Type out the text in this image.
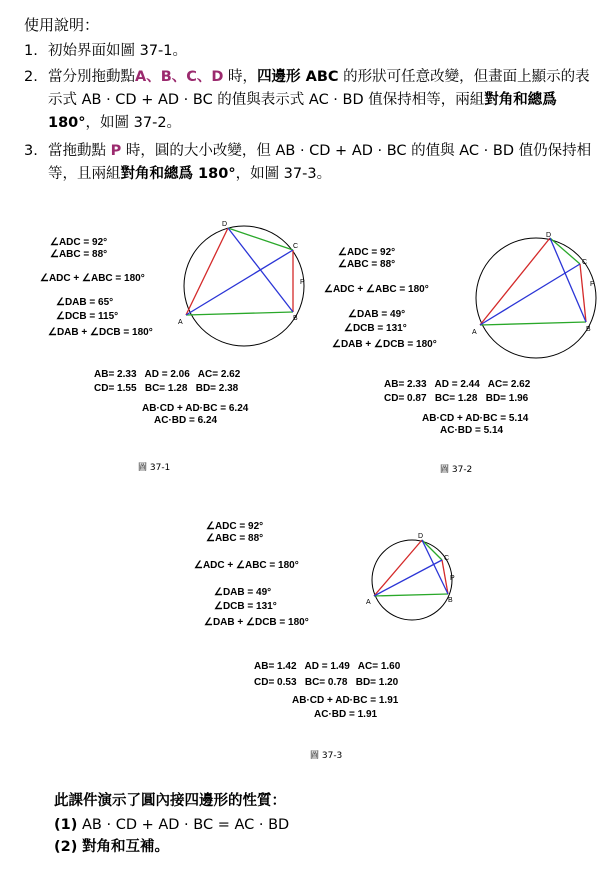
使用說明：
1. 初始界面如圖 37-1。
2. 當分別拖動點A、B、C、D 時，四邊形 ABC 的形狀可任意改變，但畫面上顯示的表示式 AB · CD + AD · BC 的值與表示式 AC · BD 值保持相等，兩組對角和總爲 180°，如圖 37-2。
3. 當拖動點 P 時，圓的大小改變，但 AB · CD + AD · BC 的值與 AC · BD 值仍保持相等，且兩組對角和總爲 180°，如圖 37-3。
∠ADC = 92°
∠ABC = 88°
∠ADC + ∠ABC = 180°
∠DAB = 65°
∠DCB = 115°
∠DAB + ∠DCB = 180°
A
B
C
D
P
AB= 2.33   AD = 2.06   AC= 2.62
CD= 1.55   BC= 1.28   BD= 2.38
AB·CD + AD·BC = 6.24
AC·BD = 6.24
圖 37-1
∠ADC = 92°
∠ABC = 88°
∠ADC + ∠ABC = 180°
∠DAB = 49°
∠DCB = 131°
∠DAB + ∠DCB = 180°
A	B
C
D
P
AB= 2.33   AD = 2.44   AC= 2.62
CD= 0.87   BC= 1.28   BD= 1.96
AB·CD + AD·BC = 5.14
AC·BD = 5.14
圖 37-2
∠ADC = 92°
∠ABC = 88°
∠ADC + ∠ABC = 180°
∠DAB = 49°
∠DCB = 131°
∠DAB + ∠DCB = 180°
A	B
C
D
P
AB= 1.42   AD = 1.49   AC= 1.60
CD= 0.53   BC= 0.78   BD= 1.20
AB·CD + AD·BC = 1.91
AC·BD = 1.91
圖 37-3
此課件演示了圓內接四邊形的性質：
(1) AB · CD + AD · BC = AC · BD
(2) 對角和互補。
